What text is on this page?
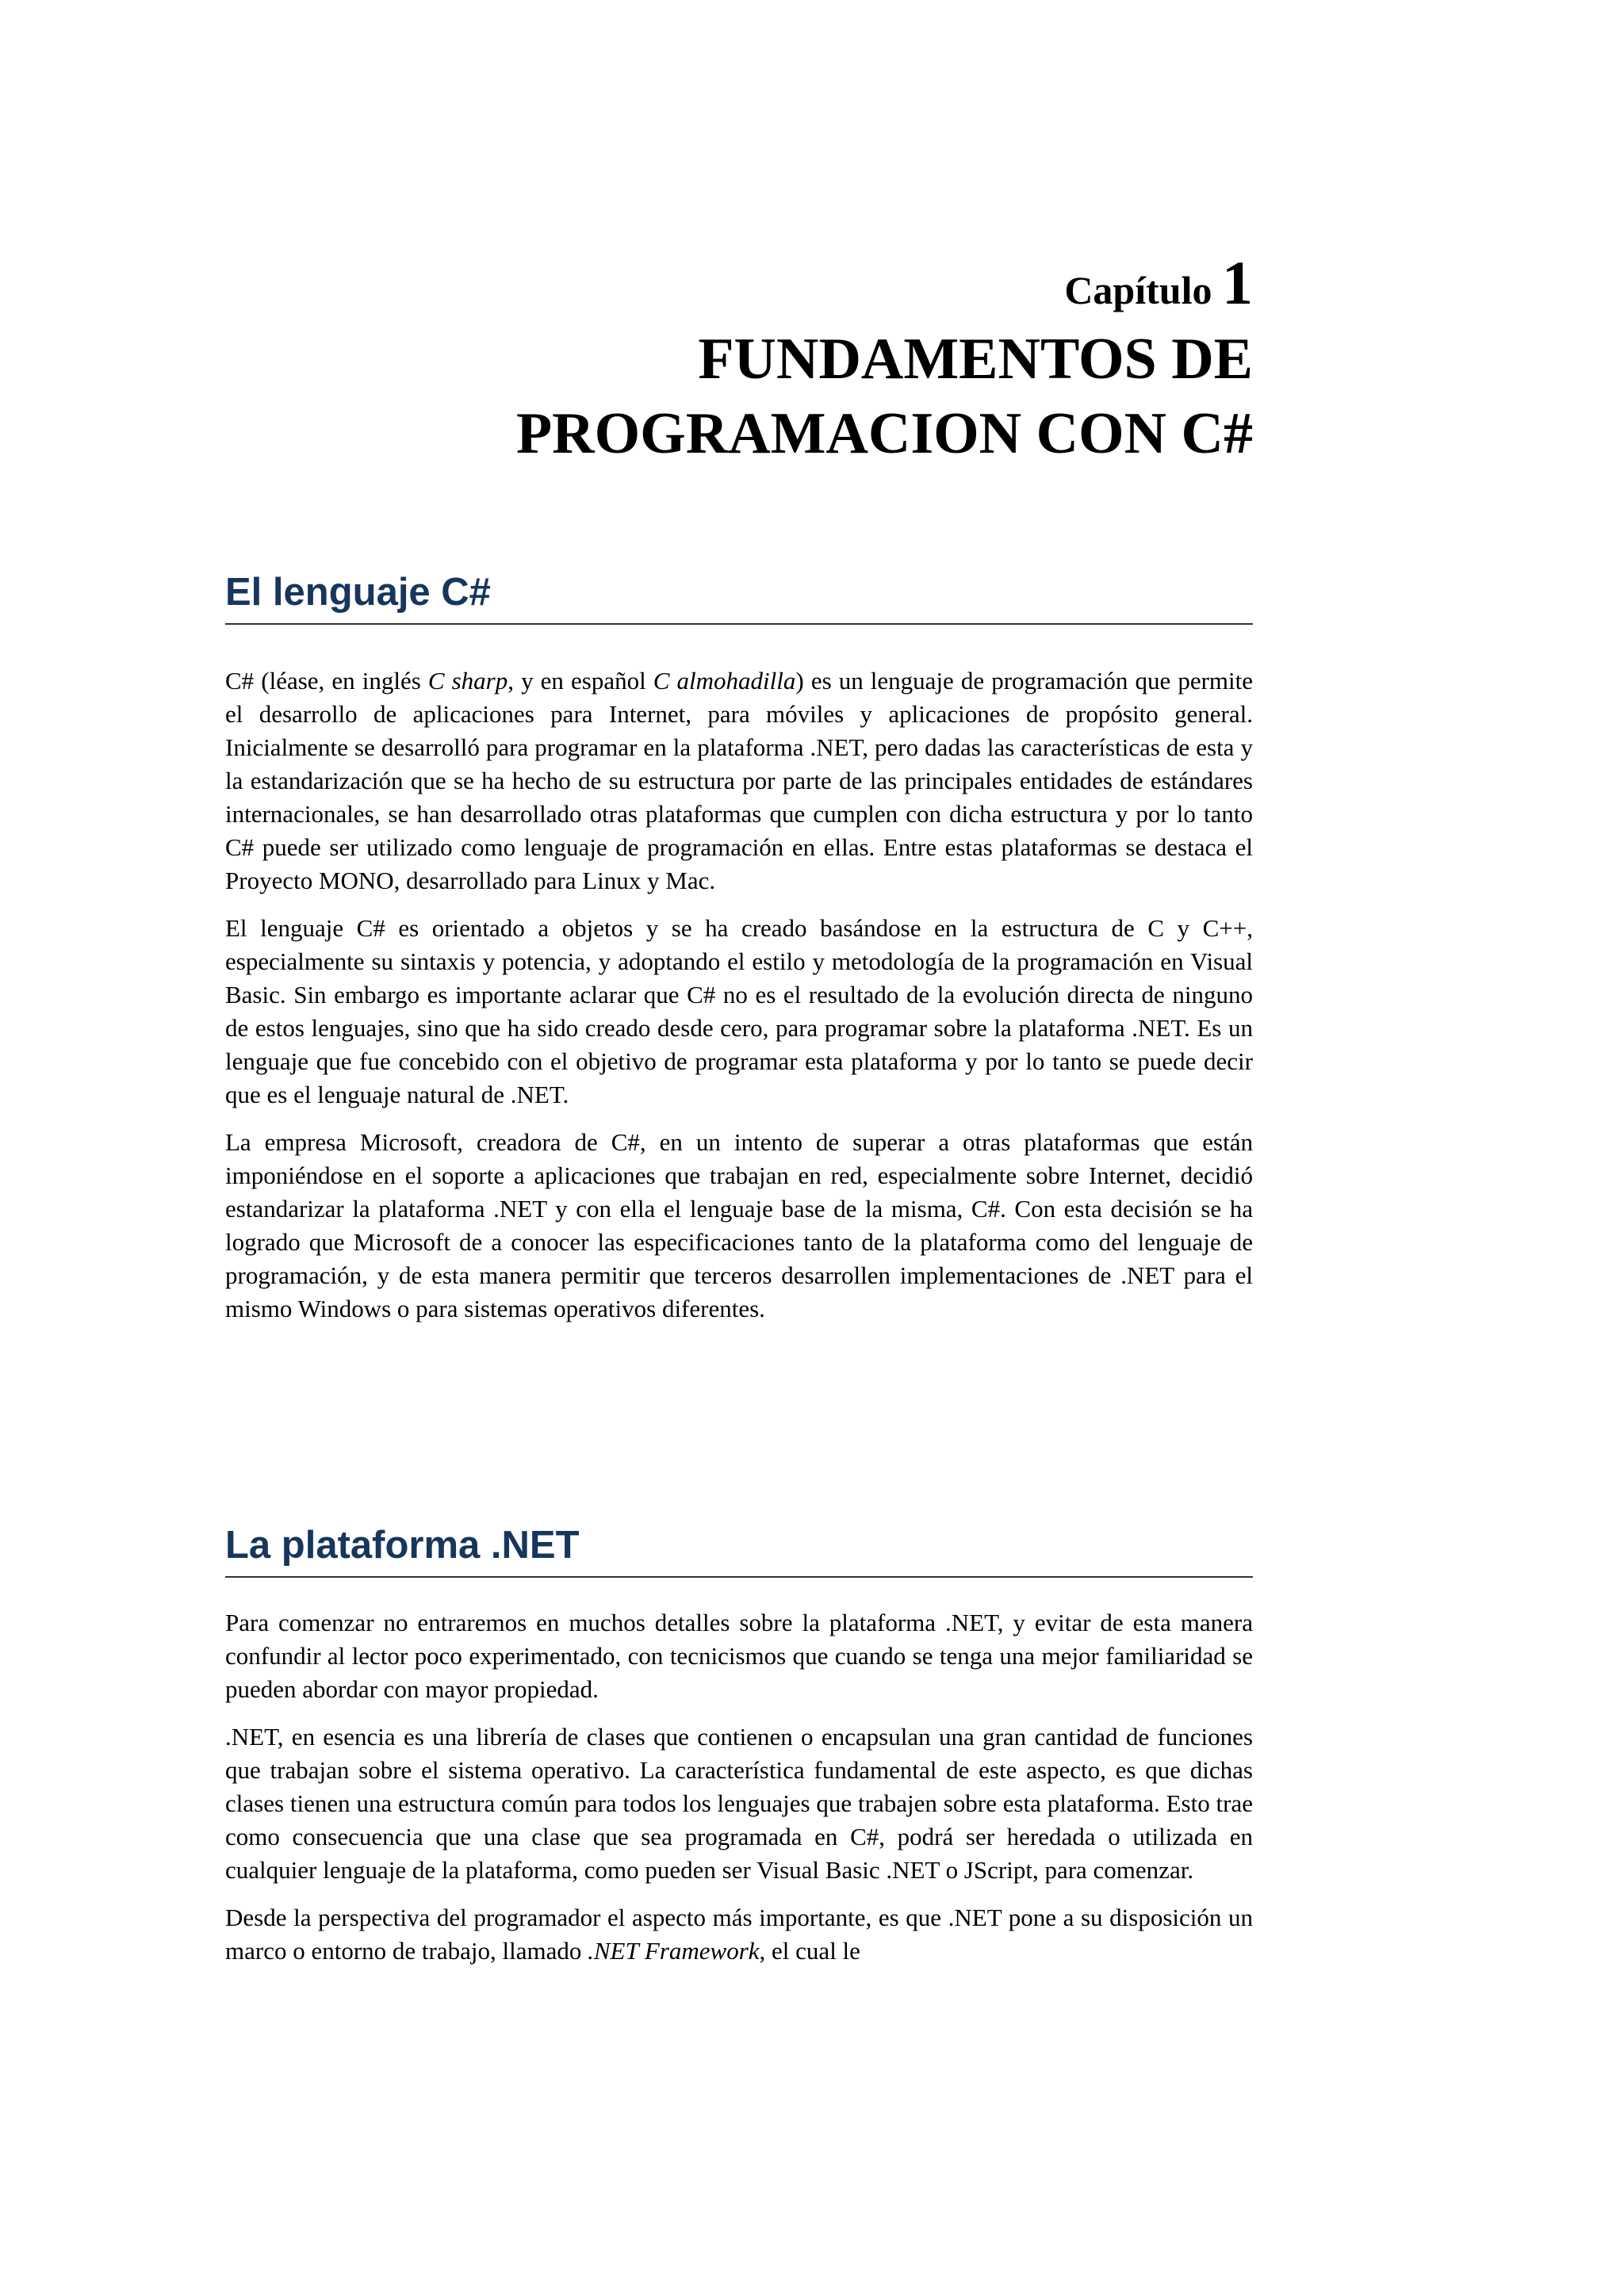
Capítulo 1
FUNDAMENTOS DE
PROGRAMACION CON C#
El lenguaje C#

C# (léase, en inglés C sharp, y en español C almohadilla) es un lenguaje de programación que permite el desarrollo de aplicaciones para Internet, para móviles y aplicaciones de propósito general. Inicialmente se desarrolló para programar en la plataforma .NET, pero dadas las características de esta y la estandarización que se ha hecho de su estructura por parte de las principales entidades de estándares internacionales, se han desarrollado otras plataformas que cumplen con dicha estructura y por lo tanto C# puede ser utilizado como lenguaje de programación en ellas. Entre estas plataformas se destaca el Proyecto MONO, desarrollado para Linux y Mac.

El lenguaje C# es orientado a objetos y se ha creado basándose en la estructura de C y C++, especialmente su sintaxis y potencia, y adoptando el estilo y metodología de la programación en Visual Basic. Sin embargo es importante aclarar que C# no es el resultado de la evolución directa de ninguno de estos lenguajes, sino que ha sido creado desde cero, para programar sobre la plataforma .NET. Es un lenguaje que fue concebido con el objetivo de programar esta plataforma y por lo tanto se puede decir que es el lenguaje natural de .NET.

La empresa Microsoft, creadora de C#, en un intento de superar a otras plataformas que están imponiéndose en el soporte a aplicaciones que trabajan en red, especialmente sobre Internet, decidió estandarizar la plataforma .NET y con ella el lenguaje base de la misma, C#. Con esta decisión se ha logrado que Microsoft de a conocer las especificaciones tanto de la plataforma como del lenguaje de programación, y de esta manera permitir que terceros desarrollen implementaciones de .NET para el mismo Windows o para sistemas operativos diferentes.

La plataforma .NET

Para comenzar no entraremos en muchos detalles sobre la plataforma .NET, y evitar de esta manera confundir al lector poco experimentado, con tecnicismos que cuando se tenga una mejor familiaridad se pueden abordar con mayor propiedad.

.NET, en esencia es una librería de clases que contienen o encapsulan una gran cantidad de funciones que trabajan sobre el sistema operativo. La característica fundamental de este aspecto, es que dichas clases tienen una estructura común para todos los lenguajes que trabajen sobre esta plataforma. Esto trae como consecuencia que una clase que sea programada en C#, podrá ser heredada o utilizada en cualquier lenguaje de la plataforma, como pueden ser Visual Basic .NET o JScript, para comenzar.

Desde la perspectiva del programador el aspecto más importante, es que .NET pone a su disposición un marco o entorno de trabajo, llamado .NET Framework, el cual le
